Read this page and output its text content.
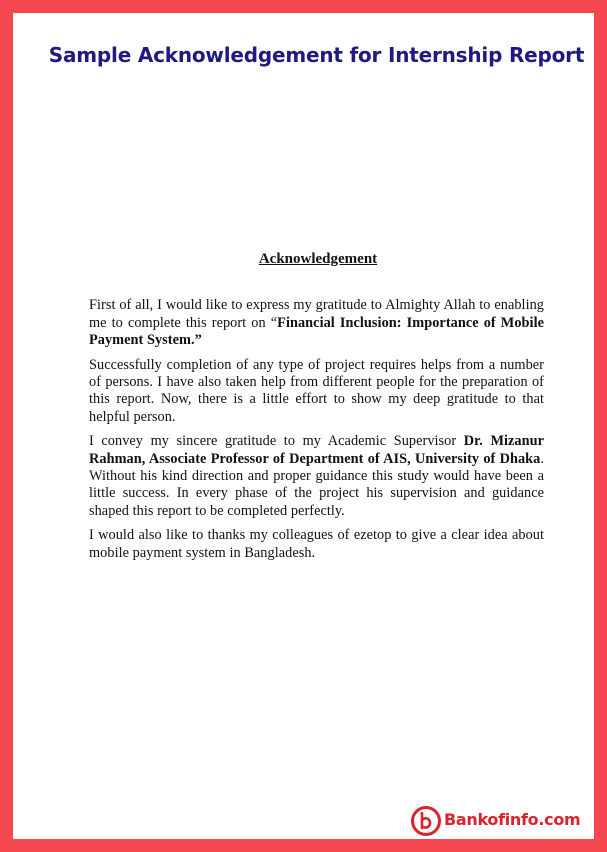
Sample Acknowledgement for Internship Report
Acknowledgement

First of all, I would like to express my gratitude to Almighty Allah to enabling me to complete this report on “Financial Inclusion: Importance of Mobile Payment System.”

Successfully completion of any type of project requires helps from a number of persons. I have also taken help from different people for the preparation of this report. Now, there is a little effort to show my deep gratitude to that helpful person.

I convey my sincere gratitude to my Academic Supervisor Dr. Mizanur Rahman, Associate Professor of Department of AIS, University of Dhaka. Without his kind direction and proper guidance this study would have been a little success. In every phase of the project his supervision and guidance shaped this report to be completed perfectly.

I would also like to thanks my colleagues of ezetop to give a clear idea about mobile payment system in Bangladesh.

Bankofinfo.com
